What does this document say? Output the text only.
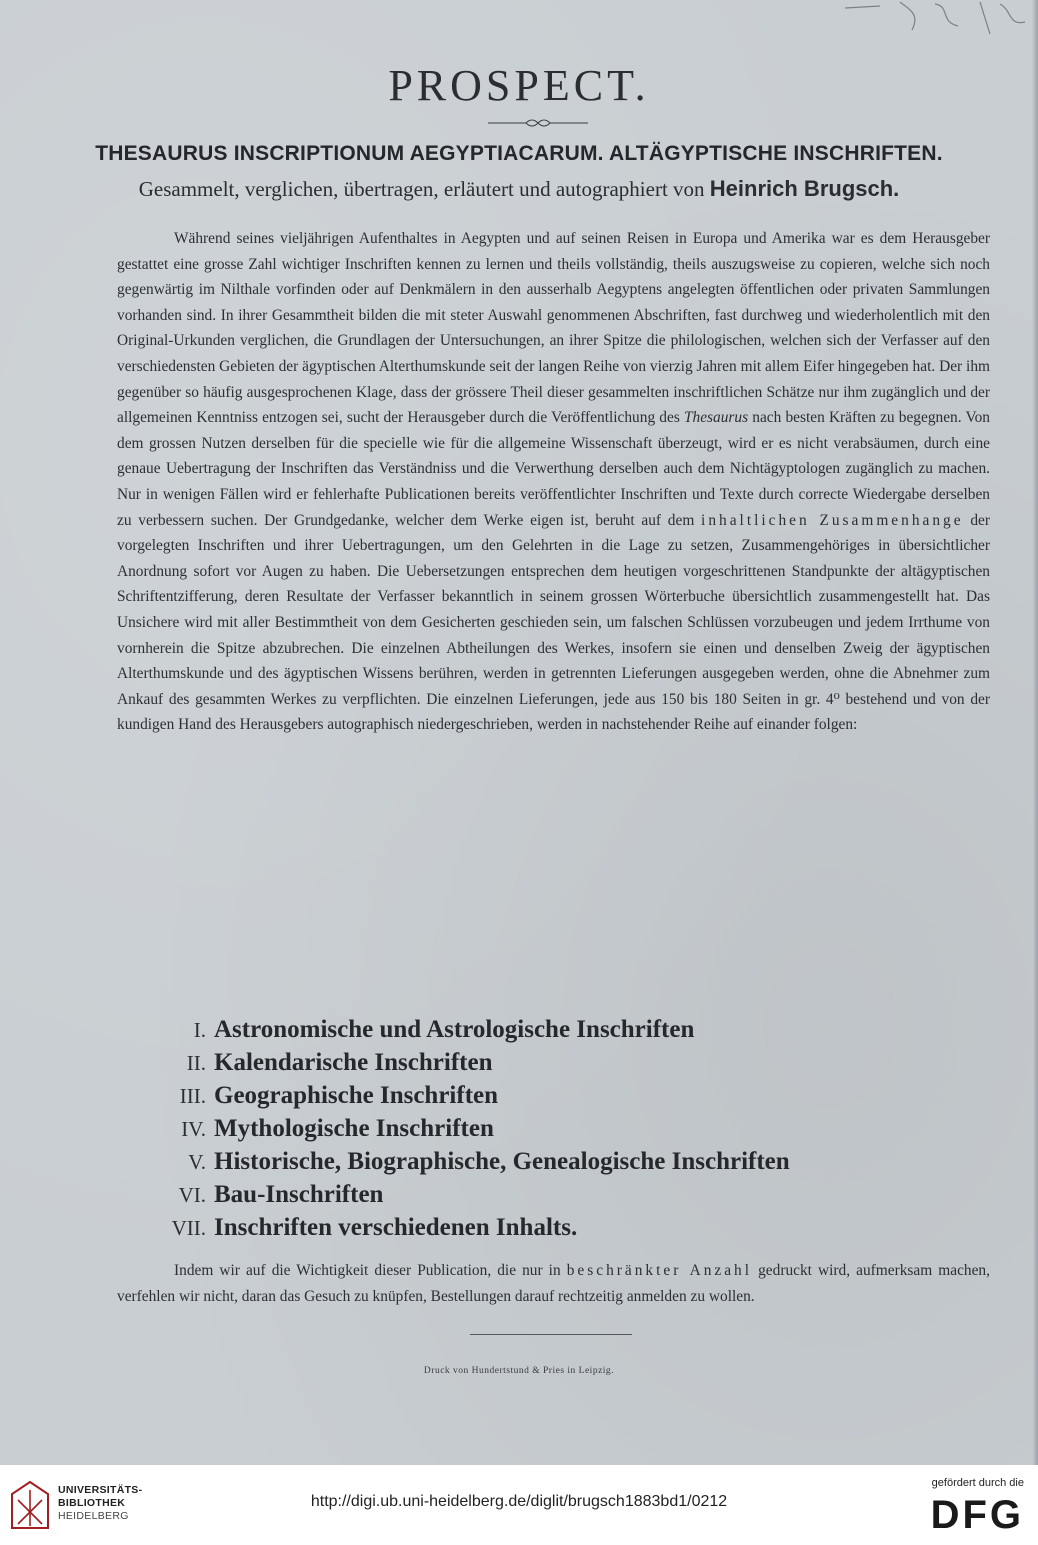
PROSPECT.
THESAURUS INSCRIPTIONUM AEGYPTIACARUM. ALTÄGYPTISCHE INSCHRIFTEN.
Gesammelt, verglichen, übertragen, erläutert und autographiert von Heinrich Brugsch.

Während seines vieljährigen Aufenthaltes in Aegypten und auf seinen Reisen in Europa und Amerika war es dem Herausgeber gestattet eine grosse Zahl wichtiger Inschriften kennen zu lernen und theils vollständig, theils auszugsweise zu copieren, welche sich noch gegenwärtig im Nilthale vorfinden oder auf Denkmälern in den ausserhalb Aegyptens angelegten öffentlichen oder privaten Sammlungen vorhanden sind. In ihrer Gesammtheit bilden die mit steter Auswahl genommenen Abschriften, fast durchweg und wiederholentlich mit den Original-Urkunden verglichen, die Grundlagen der Untersuchungen, an ihrer Spitze die philologischen, welchen sich der Verfasser auf den verschiedensten Gebieten der ägyptischen Alterthumskunde seit der langen Reihe von vierzig Jahren mit allem Eifer hingegeben hat. Der ihm gegenüber so häufig ausgesprochenen Klage, dass der grössere Theil dieser gesammelten inschriftlichen Schätze nur ihm zugänglich und der allgemeinen Kenntniss entzogen sei, sucht der Herausgeber durch die Veröffentlichung des Thesaurus nach besten Kräften zu begegnen. Von dem grossen Nutzen derselben für die specielle wie für die allgemeine Wissenschaft überzeugt, wird er es nicht verabsäumen, durch eine genaue Uebertragung der Inschriften das Verständniss und die Verwerthung derselben auch dem Nichtägyptologen zugänglich zu machen. Nur in wenigen Fällen wird er fehlerhafte Publicationen bereits veröffentlichter Inschriften und Texte durch correcte Wiedergabe derselben zu verbessern suchen. Der Grundgedanke, welcher dem Werke eigen ist, beruht auf dem inhaltlichen Zusammenhange der vorgelegten Inschriften und ihrer Uebertragungen, um den Gelehrten in die Lage zu setzen, Zusammengehöriges in übersichtlicher Anordnung sofort vor Augen zu haben. Die Uebersetzungen entsprechen dem heutigen vorgeschrittenen Standpunkte der altägyptischen Schriftentzifferung, deren Resultate der Verfasser bekanntlich in seinem grossen Wörterbuche übersichtlich zusammengestellt hat. Das Unsichere wird mit aller Bestimmtheit von dem Gesicherten geschieden sein, um falschen Schlüssen vorzubeugen und jedem Irrthume von vornherein die Spitze abzubrechen. Die einzelnen Abtheilungen des Werkes, insofern sie einen und denselben Zweig der ägyptischen Alterthumskunde und des ägyptischen Wissens berühren, werden in getrennten Lieferungen ausgegeben werden, ohne die Abnehmer zum Ankauf des gesammten Werkes zu verpflichten. Die einzelnen Lieferungen, jede aus 150 bis 180 Seiten in gr. 4⁰ bestehend und von der kundigen Hand des Herausgebers autographisch niedergeschrieben, werden in nachstehender Reihe auf einander folgen:

I. Astronomische und Astrologische Inschriften
II. Kalendarische Inschriften
III. Geographische Inschriften
IV. Mythologische Inschriften
V. Historische, Biographische, Genealogische Inschriften
VI. Bau-Inschriften
VII. Inschriften verschiedenen Inhalts.

Indem wir auf die Wichtigkeit dieser Publication, die nur in beschränkter Anzahl gedruckt wird, aufmerksam machen, verfehlen wir nicht, daran das Gesuch zu knüpfen, Bestellungen darauf rechtzeitig anmelden zu wollen.

Druck von Hundertstund & Pries in Leipzig.
UNIVERSITÄTS-
BIBLIOTHEK
HEIDELBERG
http://digi.ub.uni-heidelberg.de/diglit/brugsch1883bd1/0212
gefördert durch die
DFG
